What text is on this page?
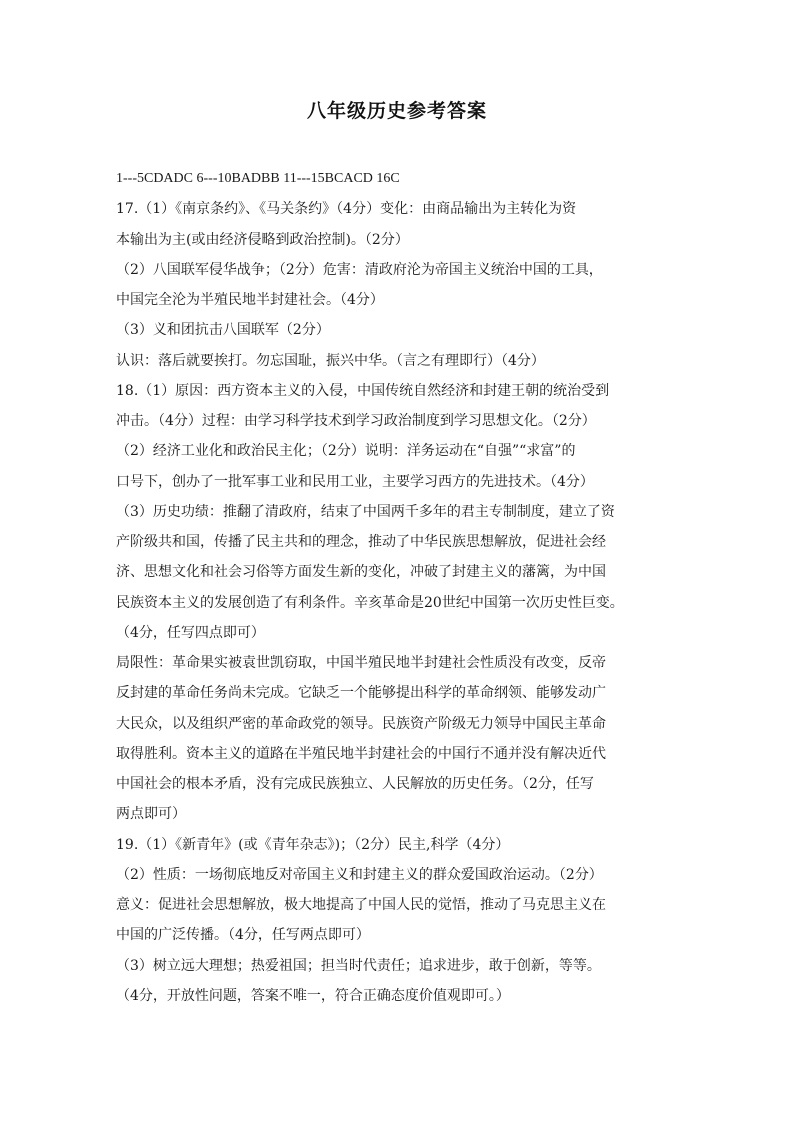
八年级历史参考答案
1---5CDADC 6---10BADBB 11---15BCACD 16C
17.（1）《南京条约》、《马关条约》（4分）变化：由商品输出为主转化为资
本输出为主(或由经济侵略到政治控制)。（2分）
（2）八国联军侵华战争；（2分）危害：清政府沦为帝国主义统治中国的工具，
中国完全沦为半殖民地半封建社会。（4分）
（3）义和团抗击八国联军（2分）
认识：落后就要挨打。勿忘国耻，振兴中华。（言之有理即行）（4分）
18.（1）原因：西方资本主义的入侵，中国传统自然经济和封建王朝的统治受到
冲击。（4分）过程：由学习科学技术到学习政治制度到学习思想文化。（2分）
（2）经济工业化和政治民主化；（2分）说明：洋务运动在“自强”“求富”的
口号下，创办了一批军事工业和民用工业，主要学习西方的先进技术。（4分）
（3）历史功绩：推翻了清政府，结束了中国两千多年的君主专制制度，建立了资
产阶级共和国，传播了民主共和的理念，推动了中华民族思想解放，促进社会经
济、思想文化和社会习俗等方面发生新的变化，冲破了封建主义的藩篱，为中国
民族资本主义的发展创造了有利条件。辛亥革命是20世纪中国第一次历史性巨变。
（4分，任写四点即可）
局限性：革命果实被袁世凯窃取，中国半殖民地半封建社会性质没有改变，反帝
反封建的革命任务尚未完成。它缺乏一个能够提出科学的革命纲领、能够发动广
大民众，以及组织严密的革命政党的领导。民族资产阶级无力领导中国民主革命
取得胜利。资本主义的道路在半殖民地半封建社会的中国行不通并没有解决近代
中国社会的根本矛盾，没有完成民族独立、人民解放的历史任务。（2分，任写
两点即可）
19.（1）《新青年》(或《青年杂志》)；（2分）民主,科学（4分）
（2）性质：一场彻底地反对帝国主义和封建主义的群众爱国政治运动。（2分）
意义：促进社会思想解放，极大地提高了中国人民的觉悟，推动了马克思主义在
中国的广泛传播。（4分，任写两点即可）
（3）树立远大理想；热爱祖国；担当时代责任；追求进步，敢于创新，等等。
（4分，开放性问题，答案不唯一，符合正确态度价值观即可。）
